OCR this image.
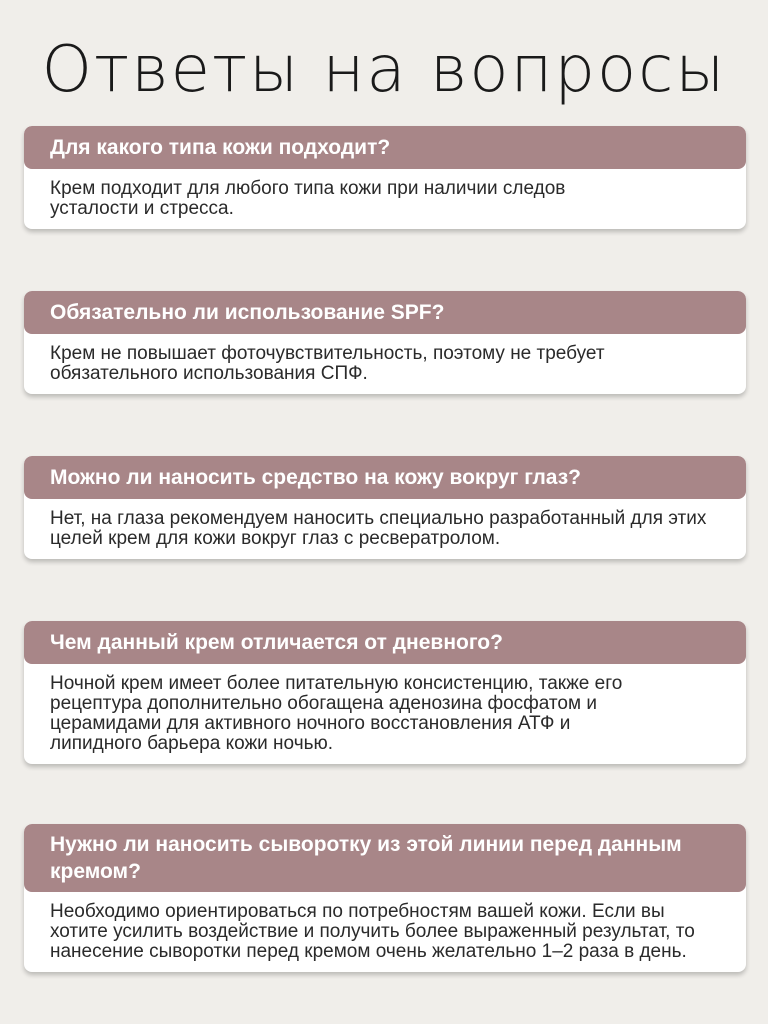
Ответы на вопросы
Для какого типа кожи подходит?
Крем подходит для любого типа кожи при наличии следов усталости и стресса.
Обязательно ли использование SPF?
Крем не повышает фоточувствительность, поэтому не требует обязательного использования СПФ.
Можно ли наносить средство на кожу вокруг глаз?
Нет, на глаза рекомендуем наносить специально разработанный для этих целей крем для кожи вокруг глаз с ресвератролом.
Чем данный крем отличается от дневного?
Ночной крем имеет более питательную консистенцию, также его рецептура дополнительно обогащена аденозина фосфатом и церамидами для активного ночного восстановления АТФ и липидного барьера кожи ночью.
Нужно ли наносить сыворотку из этой линии перед данным кремом?
Необходимо ориентироваться по потребностям вашей кожи. Если вы хотите усилить воздействие и получить более выраженный результат, то нанесение сыворотки перед кремом очень желательно 1–2 раза в день.
